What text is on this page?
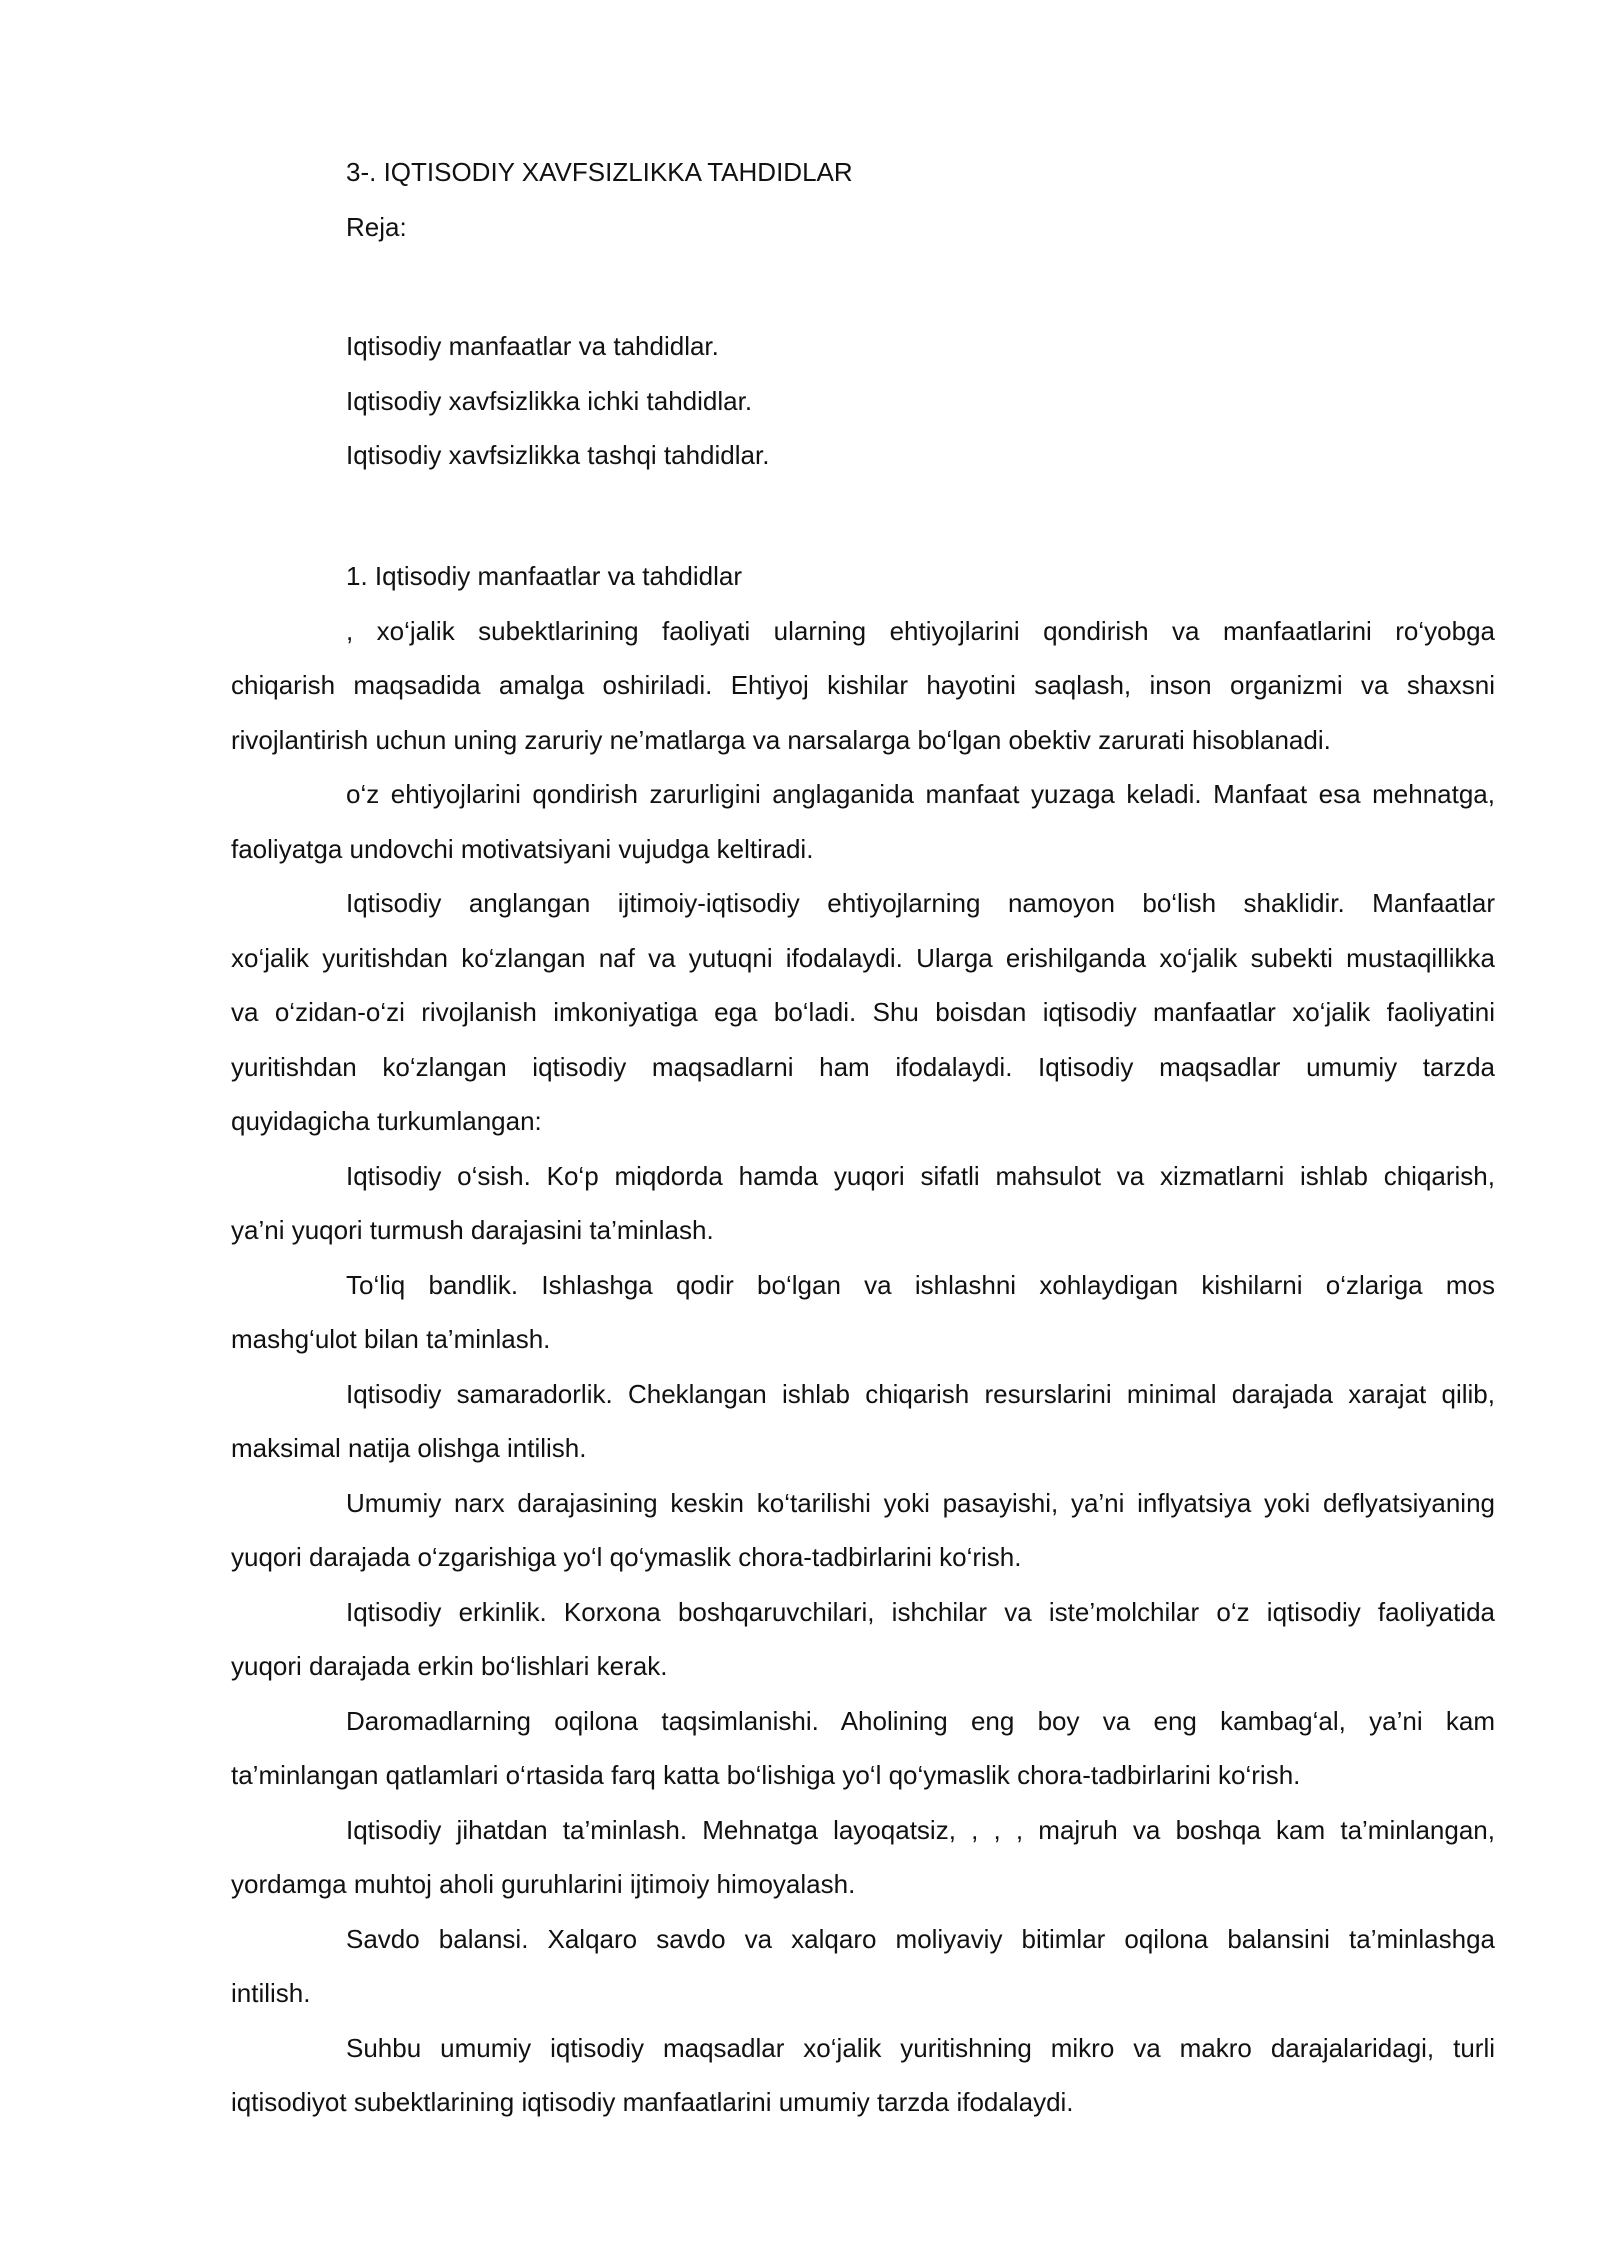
3-. IQTISODIY XAVFSIZLIKKA TAHDIDLAR
Reja:
Iqtisodiy manfaatlar va tahdidlar.
Iqtisodiy xavfsizlikka ichki tahdidlar.
Iqtisodiy xavfsizlikka tashqi tahdidlar.
1. Iqtisodiy manfaatlar va tahdidlar
, xo‘jalik subektlarining faoliyati ularning ehtiyojlarini qondirish va manfaatlarini ro‘yobga
chiqarish maqsadida amalga oshiriladi. Ehtiyoj kishilar hayotini saqlash, inson organizmi va shaxsni
rivojlantirish uchun uning zaruriy ne’matlarga va narsalarga bo‘lgan obektiv zarurati hisoblanadi.
o‘z ehtiyojlarini qondirish zarurligini anglaganida manfaat yuzaga keladi. Manfaat esa mehnatga,
faoliyatga undovchi motivatsiyani vujudga keltiradi.
Iqtisodiy anglangan ijtimoiy-iqtisodiy ehtiyojlarning namoyon bo‘lish shaklidir. Manfaatlar
xo‘jalik yuritishdan ko‘zlangan naf va yutuqni ifodalaydi. Ularga erishilganda xo‘jalik subekti mustaqillikka
va o‘zidan-o‘zi rivojlanish imkoniyatiga ega bo‘ladi. Shu boisdan iqtisodiy manfaatlar xo‘jalik faoliyatini
yuritishdan ko‘zlangan iqtisodiy maqsadlarni ham ifodalaydi. Iqtisodiy maqsadlar umumiy tarzda
quyidagicha turkumlangan:
Iqtisodiy o‘sish. Ko‘p miqdorda hamda yuqori sifatli mahsulot va xizmatlarni ishlab chiqarish,
ya’ni yuqori turmush darajasini ta’minlash.
To‘liq bandlik. Ishlashga qodir bo‘lgan va ishlashni xohlaydigan kishilarni o‘zlariga mos
mashg‘ulot bilan ta’minlash.
Iqtisodiy samaradorlik. Cheklangan ishlab chiqarish resurslarini minimal darajada xarajat qilib,
maksimal natija olishga intilish.
Umumiy narx darajasining keskin ko‘tarilishi yoki pasayishi, ya’ni inflyatsiya yoki deflyatsiyaning
yuqori darajada o‘zgarishiga yo‘l qo‘ymaslik chora-tadbirlarini ko‘rish.
Iqtisodiy erkinlik. Korxona boshqaruvchilari, ishchilar va iste’molchilar o‘z iqtisodiy faoliyatida
yuqori darajada erkin bo‘lishlari kerak.
Daromadlarning oqilona taqsimlanishi. Aholining eng boy va eng kambag‘al, ya’ni kam
ta’minlangan qatlamlari o‘rtasida farq katta bo‘lishiga yo‘l qo‘ymaslik chora-tadbirlarini ko‘rish.
Iqtisodiy jihatdan ta’minlash. Mehnatga layoqatsiz, , , , majruh va boshqa kam ta’minlangan,
yordamga muhtoj aholi guruhlarini ijtimoiy himoyalash.
Savdo balansi. Xalqaro savdo va xalqaro moliyaviy bitimlar oqilona balansini ta’minlashga
intilish.
Suhbu umumiy iqtisodiy maqsadlar xo‘jalik yuritishning mikro va makro darajalaridagi, turli
iqtisodiyot subektlarining iqtisodiy manfaatlarini umumiy tarzda ifodalaydi.
